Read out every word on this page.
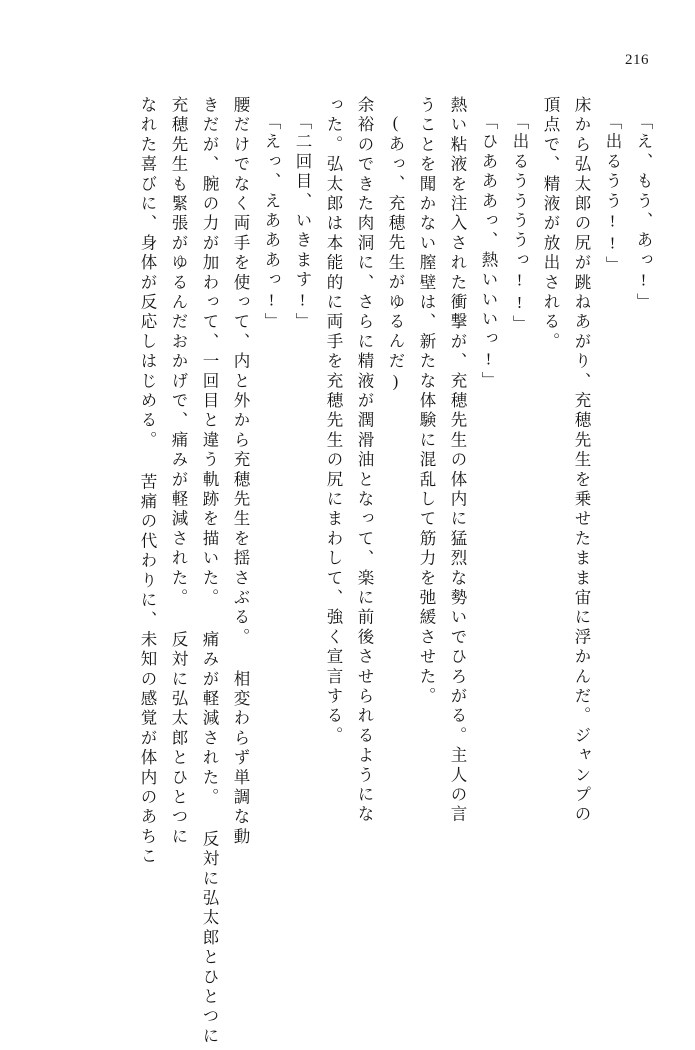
216
「え、もう、あっ!」
「出るうう!!」
床から弘太郎の尻が跳ねあがり、充穂先生を乗せたまま宙に浮かんだ。ジャンプの
頂点で、精液が放出される。
「出るううううっ!!」
「ひあああっ、熱いいいっ!」
熱い粘液を注入された衝撃が、充穂先生の体内に猛烈な勢いでひろがる。主人の言
うことを聞かない膣壁は、新たな体験に混乱して筋力を弛緩させた。
(あっ、充穂先生がゆるんだ)
余裕のできた肉洞に、さらに精液が潤滑油となって、楽に前後させられるようにな
った。弘太郎は本能的に両手を充穂先生の尻にまわして、強く宣言する。
「二回目、いきます!」
「えっ、えあああっ!」
腰だけでなく両手を使って、内と外から充穂先生を揺さぶる。 相変わらず単調な動
きだが、腕の力が加わって、一回目と違う軌跡を描いた。 痛みが軽減された。 反対に弘太郎とひとつに
充穂先生も緊張がゆるんだおかげで、痛みが軽減された。 反対に弘太郎とひとつに
なれた喜びに、身体が反応しはじめる。 苦痛の代わりに、未知の感覚が体内のあちこ
